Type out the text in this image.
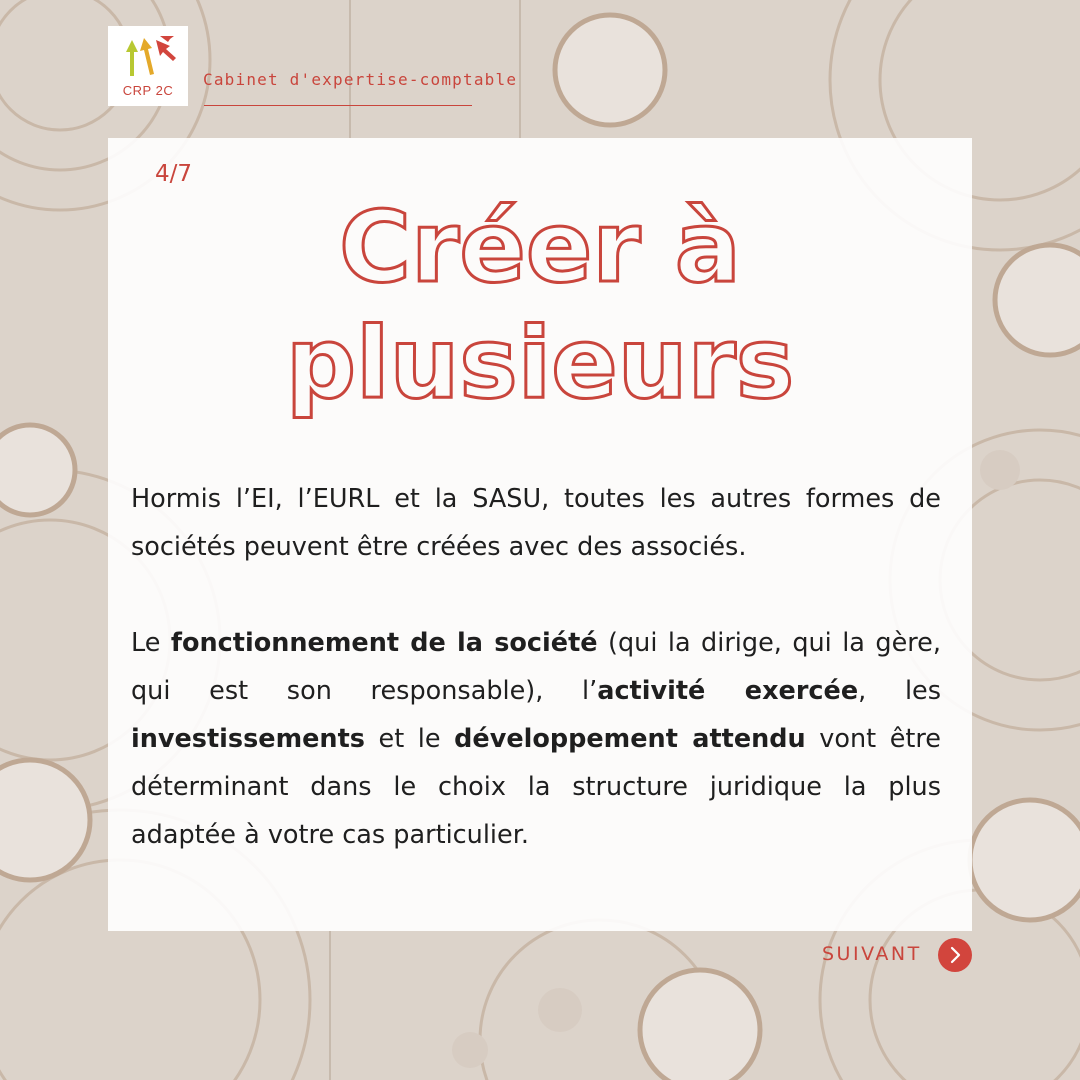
CRP 2C
Cabinet d'expertise-comptable
4/7
Créer à
plusieurs

Hormis l’EI, l’EURL et la SASU, toutes les autres formes de sociétés peuvent être créées avec des associés.

Le fonctionnement de la société (qui la dirige, qui la gère, qui est son responsable), l’activité exercée, les investissements et le développement attendu vont être déterminant dans le choix la structure juridique la plus adaptée à votre cas particulier.

SUIVANT
